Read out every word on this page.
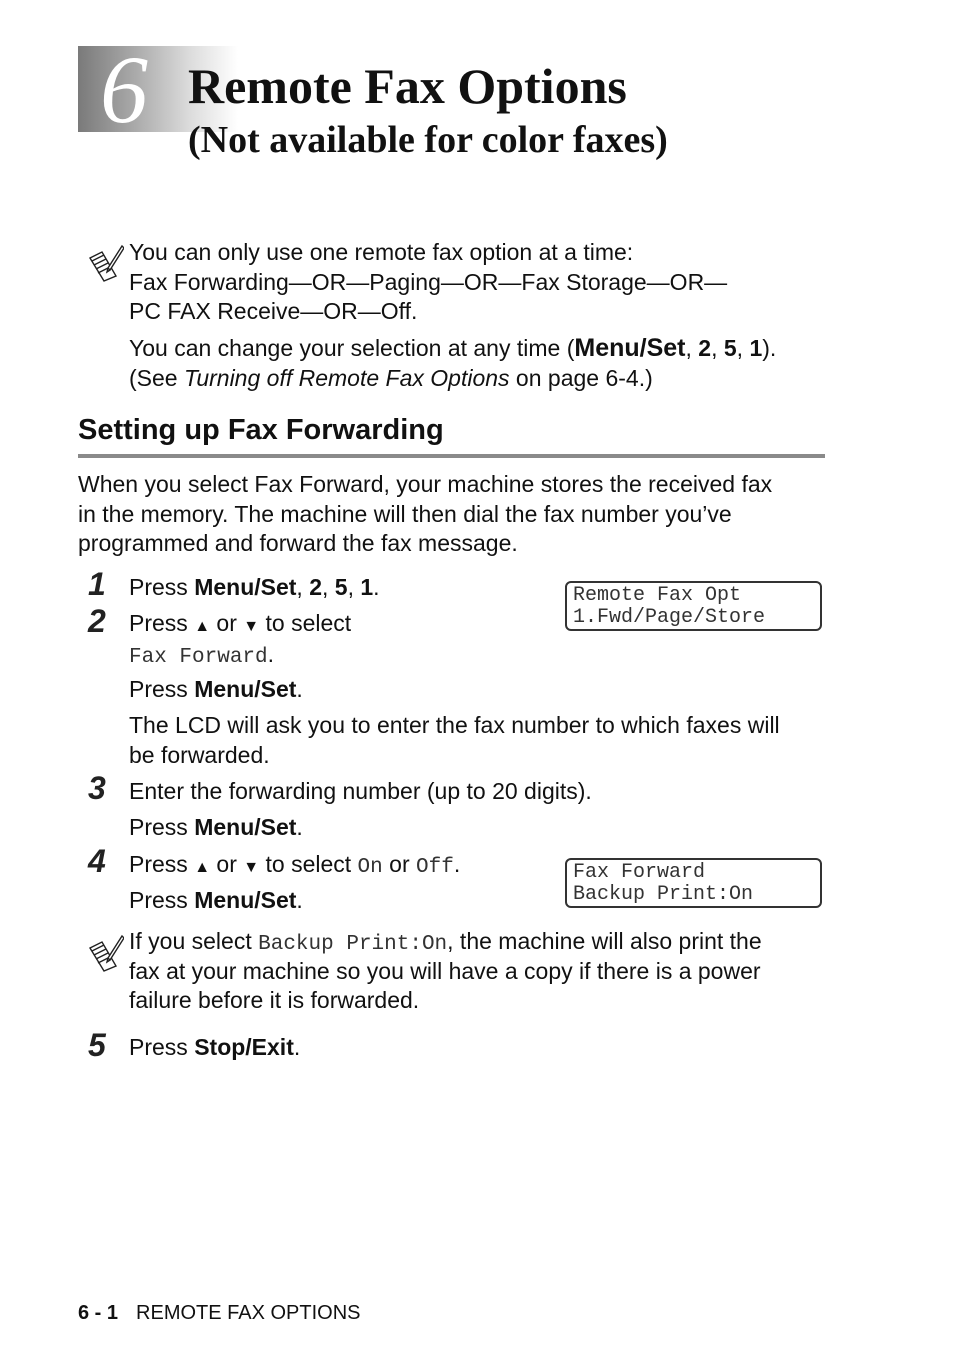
6 Remote Fax Options
(Not available for color faxes)
You can only use one remote fax option at a time:
Fax Forwarding—OR—Paging—OR—Fax Storage—OR—
PC FAX Receive—OR—Off.
You can change your selection at any time (Menu/Set, 2, 5, 1).
(See Turning off Remote Fax Options on page 6-4.)
Setting up Fax Forwarding
When you select Fax Forward, your machine stores the received fax
in the memory. The machine will then dial the fax number you’ve
programmed and forward the fax message.
1 Press Menu/Set, 2, 5, 1.	Remote Fax Opt
1.Fwd/Page/Store
2 Press ▲ or ▼ to select
Fax Forward.
Press Menu/Set.
The LCD will ask you to enter the fax number to which faxes will
be forwarded.
3 Enter the forwarding number (up to 20 digits).
Press Menu/Set.
4 Press ▲ or ▼ to select On or Off.
Press Menu/Set.
Fax Forward
Backup Print:On
If you select Backup Print:On, the machine will also print the
fax at your machine so you will have a copy if there is a power
failure before it is forwarded.
5 Press Stop/Exit.
6 - 1 REMOTE FAX OPTIONS
